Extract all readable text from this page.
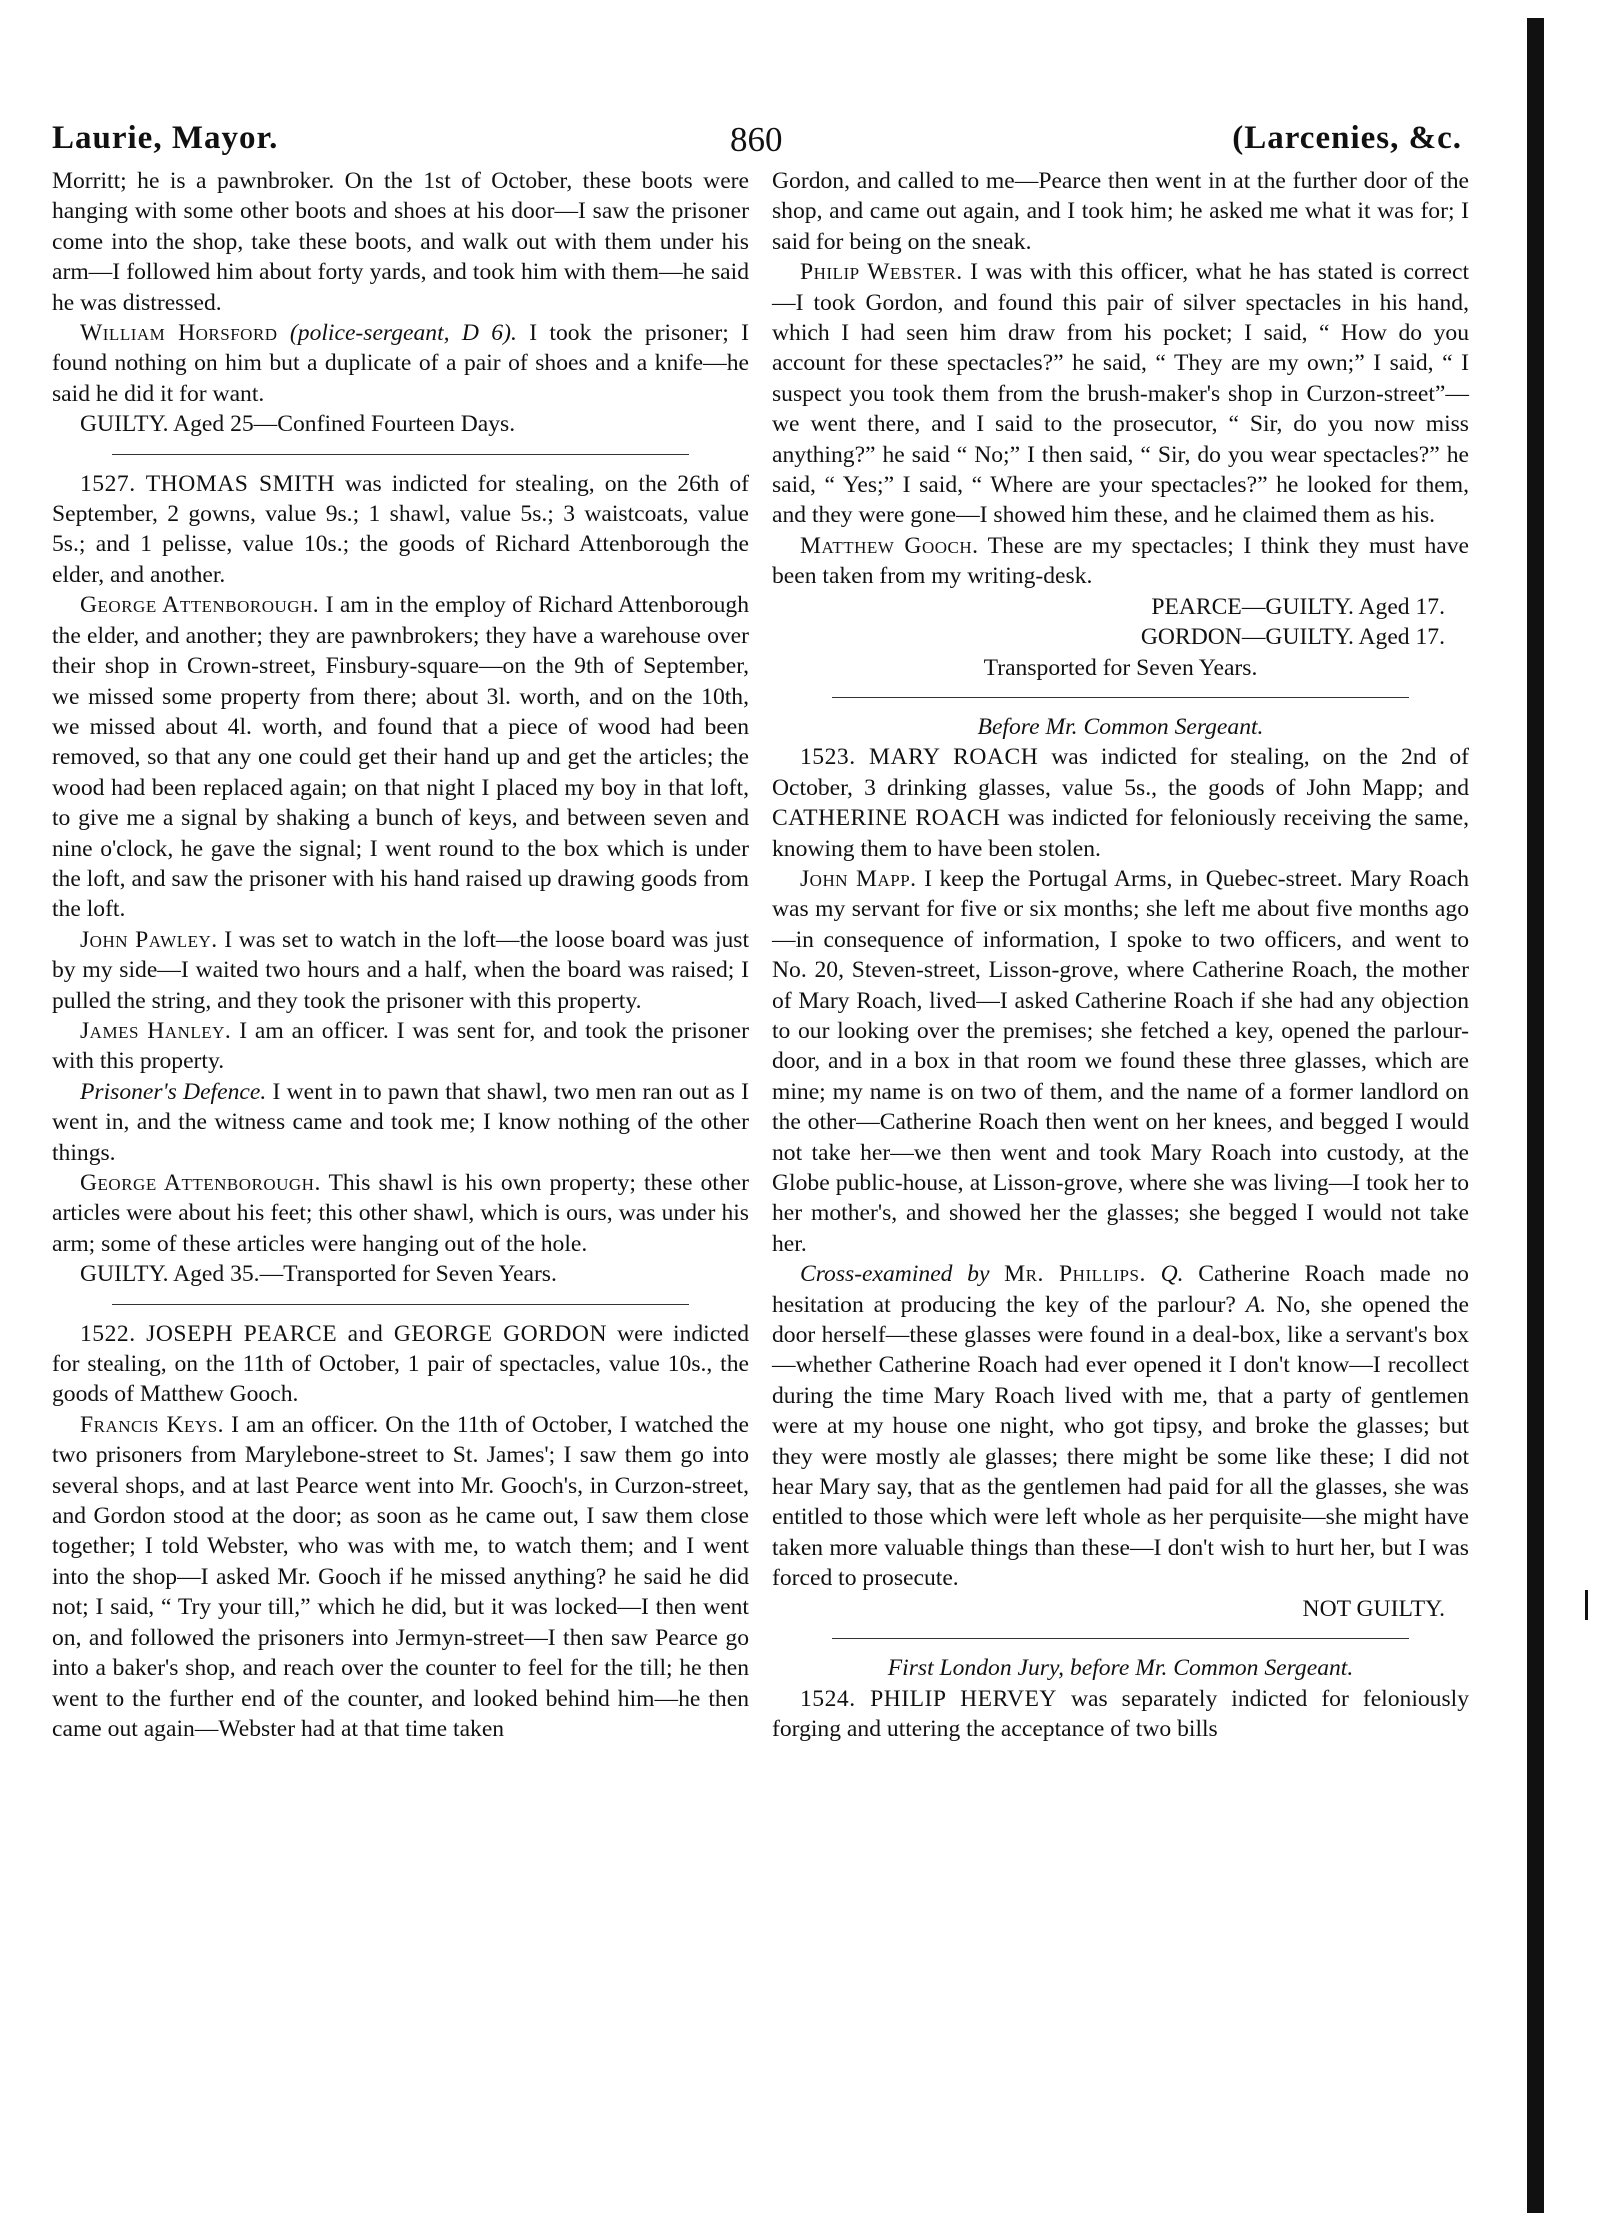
Laurie, Mayor.	860	(Larcenies, &c.

Morritt; he is a pawnbroker. On the 1st of October, these boots were hanging with some other boots and shoes at his door—I saw the prisoner come into the shop, take these boots, and walk out with them under his arm—I followed him about forty yards, and took him with them—he said he was distressed.

William Horsford (police-sergeant, D 6). I took the prisoner; I found nothing on him but a duplicate of a pair of shoes and a knife—he said he did it for want.

GUILTY. Aged 25—Confined Fourteen Days.

1527. THOMAS SMITH was indicted for stealing, on the 26th of September, 2 gowns, value 9s.; 1 shawl, value 5s.; 3 waistcoats, value 5s.; and 1 pelisse, value 10s.; the goods of Richard Attenborough the elder, and another.

George Attenborough. I am in the employ of Richard Attenborough the elder, and another; they are pawnbrokers; they have a warehouse over their shop in Crown-street, Finsbury-square—on the 9th of September, we missed some property from there; about 3l. worth, and on the 10th, we missed about 4l. worth, and found that a piece of wood had been removed, so that any one could get their hand up and get the articles; the wood had been replaced again; on that night I placed my boy in that loft, to give me a signal by shaking a bunch of keys, and between seven and nine o'clock, he gave the signal; I went round to the box which is under the loft, and saw the prisoner with his hand raised up drawing goods from the loft.

John Pawley. I was set to watch in the loft—the loose board was just by my side—I waited two hours and a half, when the board was raised; I pulled the string, and they took the prisoner with this property.

James Hanley. I am an officer. I was sent for, and took the prisoner with this property.

Prisoner's Defence. I went in to pawn that shawl, two men ran out as I went in, and the witness came and took me; I know nothing of the other things.

George Attenborough. This shawl is his own property; these other articles were about his feet; this other shawl, which is ours, was under his arm; some of these articles were hanging out of the hole.

GUILTY. Aged 35.—Transported for Seven Years.

1522. JOSEPH PEARCE and GEORGE GORDON were indicted for stealing, on the 11th of October, 1 pair of spectacles, value 10s., the goods of Matthew Gooch.

Francis Keys. I am an officer. On the 11th of October, I watched the two prisoners from Marylebone-street to St. James'; I saw them go into several shops, and at last Pearce went into Mr. Gooch's, in Curzon-street, and Gordon stood at the door; as soon as he came out, I saw them close together; I told Webster, who was with me, to watch them; and I went into the shop—I asked Mr. Gooch if he missed anything? he said he did not; I said, “ Try your till,” which he did, but it was locked—I then went on, and followed the prisoners into Jermyn-street—I then saw Pearce go into a baker's shop, and reach over the counter to feel for the till; he then went to the further end of the counter, and looked behind him—he then came out again—Webster had at that time taken

Gordon, and called to me—Pearce then went in at the further door of the shop, and came out again, and I took him; he asked me what it was for; I said for being on the sneak.

Philip Webster. I was with this officer, what he has stated is correct—I took Gordon, and found this pair of silver spectacles in his hand, which I had seen him draw from his pocket; I said, “ How do you account for these spectacles?” he said, “ They are my own;” I said, “ I suspect you took them from the brush-maker's shop in Curzon-street”—we went there, and I said to the prosecutor, “ Sir, do you now miss anything?” he said “ No;” I then said, “ Sir, do you wear spectacles?” he said, “ Yes;” I said, “ Where are your spectacles?” he looked for them, and they were gone—I showed him these, and he claimed them as his.

Matthew Gooch. These are my spectacles; I think they must have been taken from my writing-desk.

PEARCE—GUILTY. Aged 17.

GORDON—GUILTY. Aged 17.

Transported for Seven Years.

Before Mr. Common Sergeant.

1523. MARY ROACH was indicted for stealing, on the 2nd of October, 3 drinking glasses, value 5s., the goods of John Mapp; and CATHERINE ROACH was indicted for feloniously receiving the same, knowing them to have been stolen.

John Mapp. I keep the Portugal Arms, in Quebec-street. Mary Roach was my servant for five or six months; she left me about five months ago—in consequence of information, I spoke to two officers, and went to No. 20, Steven-street, Lisson-grove, where Catherine Roach, the mother of Mary Roach, lived—I asked Catherine Roach if she had any objection to our looking over the premises; she fetched a key, opened the parlour-door, and in a box in that room we found these three glasses, which are mine; my name is on two of them, and the name of a former landlord on the other—Catherine Roach then went on her knees, and begged I would not take her—we then went and took Mary Roach into custody, at the Globe public-house, at Lisson-grove, where she was living—I took her to her mother's, and showed her the glasses; she begged I would not take her.

Cross-examined by Mr. Phillips. Q. Catherine Roach made no hesitation at producing the key of the parlour? A. No, she opened the door herself—these glasses were found in a deal-box, like a servant's box—whether Catherine Roach had ever opened it I don't know—I recollect during the time Mary Roach lived with me, that a party of gentlemen were at my house one night, who got tipsy, and broke the glasses; but they were mostly ale glasses; there might be some like these; I did not hear Mary say, that as the gentlemen had paid for all the glasses, she was entitled to those which were left whole as her perquisite—she might have taken more valuable things than these—I don't wish to hurt her, but I was forced to prosecute.

NOT GUILTY.

First London Jury, before Mr. Common Sergeant.

1524. PHILIP HERVEY was separately indicted for feloniously forging and uttering the acceptance of two bills
